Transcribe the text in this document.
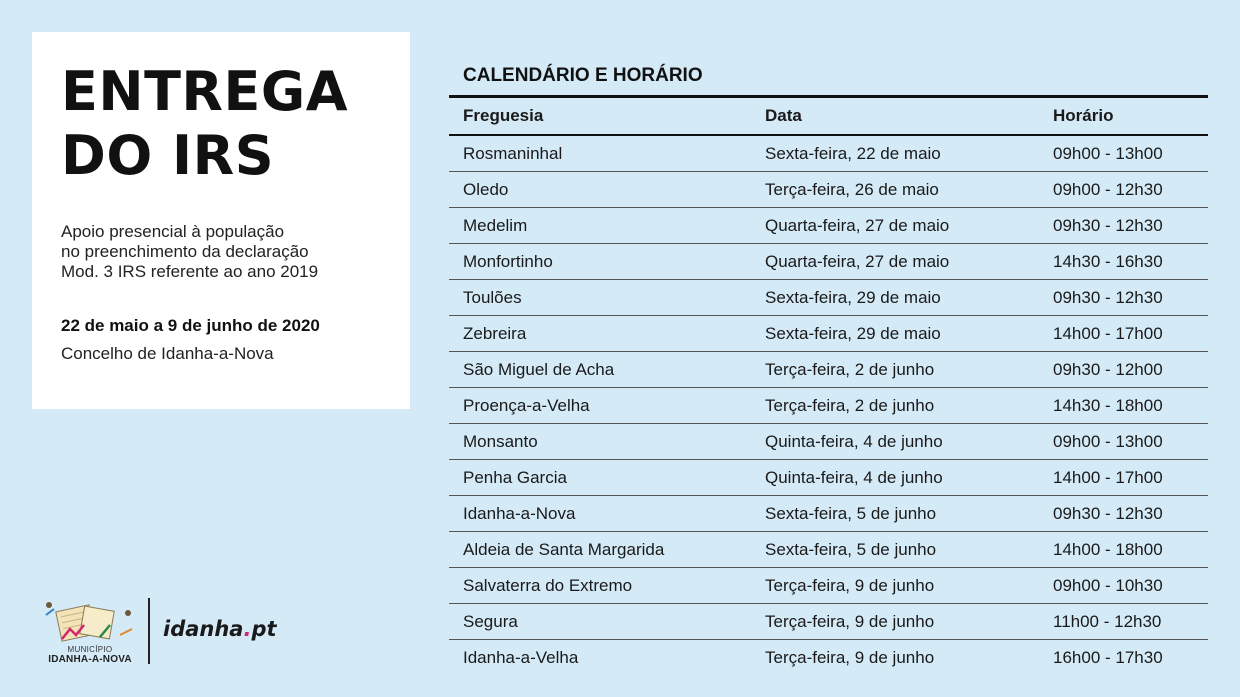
ENTREGA
DO IRS
Apoio presencial à população
no preenchimento da declaração
Mod. 3 IRS referente ao ano 2019
22 de maio a 9 de junho de 2020
Concelho de Idanha-a-Nova
CALENDÁRIO E HORÁRIO
Freguesia	Data	Horário
Rosmaninhal	Sexta-feira, 22 de maio	09h00 - 13h00
Oledo	Terça-feira, 26 de maio	09h00 - 12h30
Medelim	Quarta-feira, 27 de maio	09h30 - 12h30
Monfortinho	Quarta-feira, 27 de maio	14h30 - 16h30
Toulões	Sexta-feira, 29 de maio	09h30 - 12h30
Zebreira	Sexta-feira, 29 de maio	14h00 - 17h00
São Miguel de Acha	Terça-feira, 2 de junho	09h30 - 12h00
Proença-a-Velha	Terça-feira, 2 de junho	14h30 - 18h00
Monsanto	Quinta-feira, 4 de junho	09h00 - 13h00
Penha Garcia	Quinta-feira, 4 de junho	14h00 - 17h00
Idanha-a-Nova	Sexta-feira, 5 de junho	09h30 - 12h30
Aldeia de Santa Margarida	Sexta-feira, 5 de junho	14h00 - 18h00
Salvaterra do Extremo	Terça-feira, 9 de junho	09h00 - 10h30
Segura	Terça-feira, 9 de junho	11h00 - 12h30
Idanha-a-Velha	Terça-feira, 9 de junho	16h00 - 17h30
MUNICÍPIO
IDANHA-A-NOVA
idanha.pt
